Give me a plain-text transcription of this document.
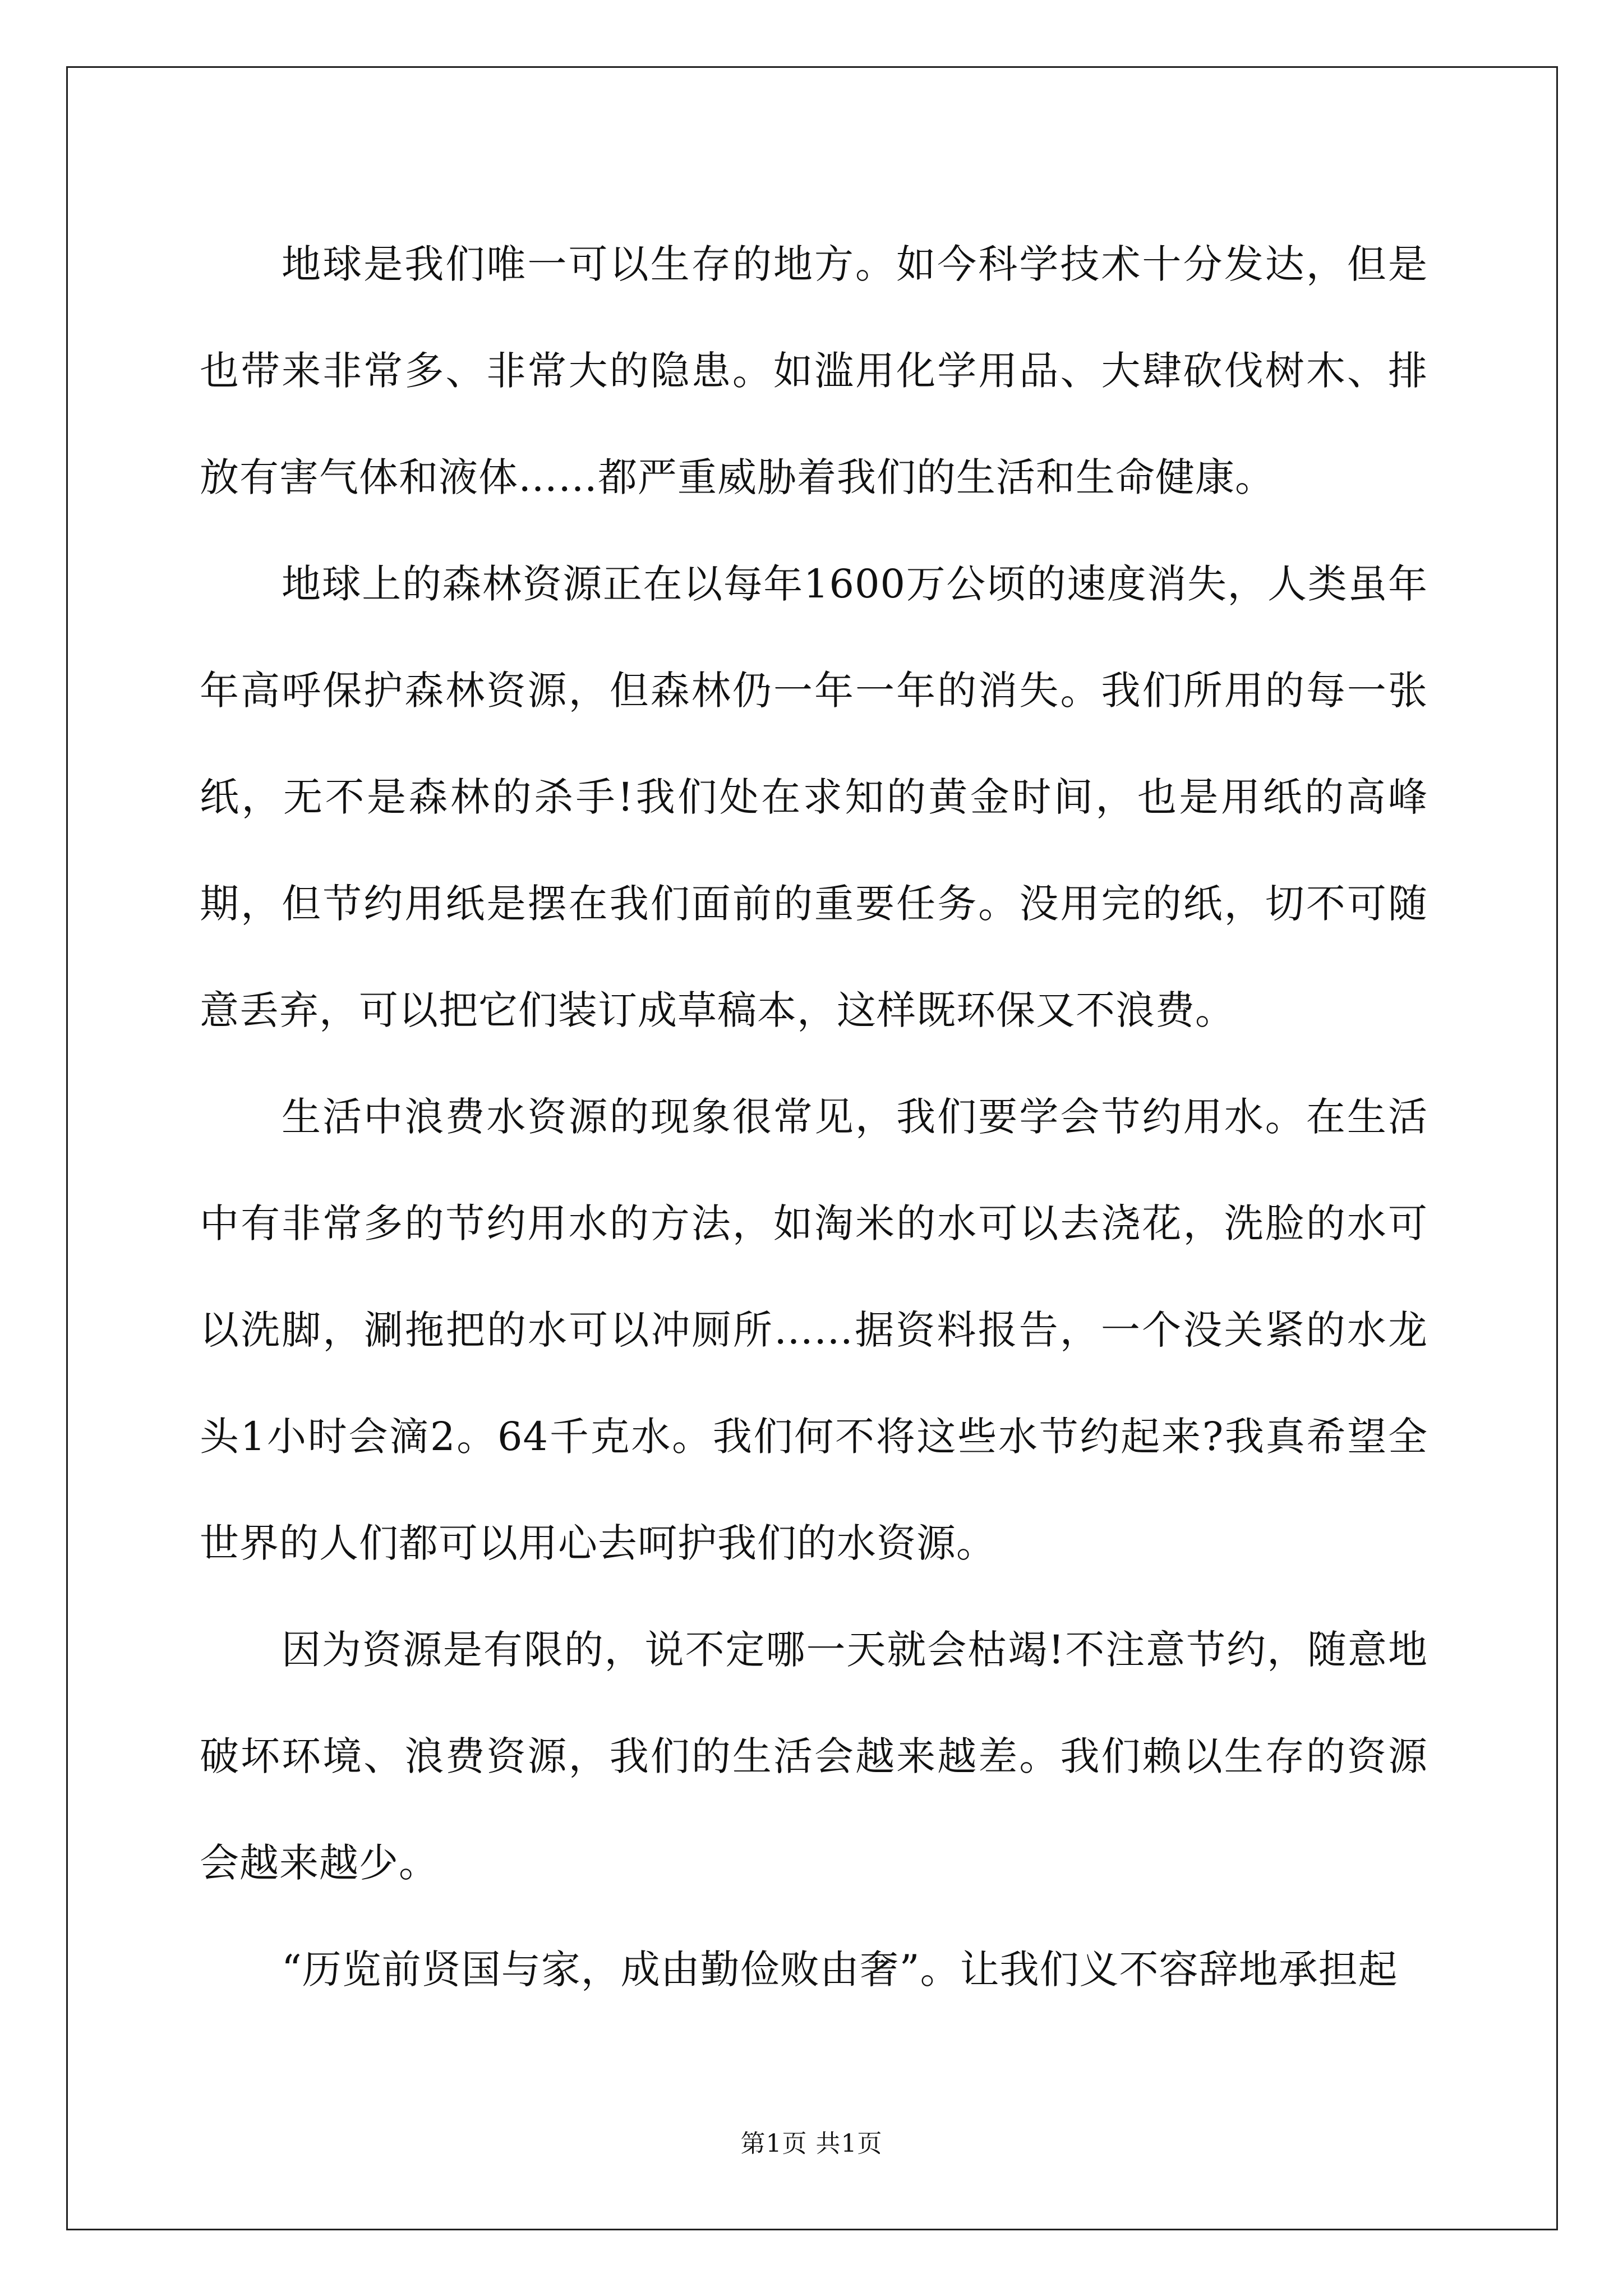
地球是我们唯一可以生存的地方。如今科学技术十分发达，但是也带来非常多、非常大的隐患。如滥用化学用品、大肆砍伐树木、排放有害气体和液体……都严重威胁着我们的生活和生命健康。

地球上的森林资源正在以每年1600万公顷的速度消失，人类虽年年高呼保护森林资源，但森林仍一年一年的消失。我们所用的每一张纸，无不是森林的杀手!我们处在求知的黄金时间，也是用纸的高峰期，但节约用纸是摆在我们面前的重要任务。没用完的纸，切不可随意丢弃，可以把它们装订成草稿本，这样既环保又不浪费。

生活中浪费水资源的现象很常见，我们要学会节约用水。在生活中有非常多的节约用水的方法，如淘米的水可以去浇花，洗脸的水可以洗脚，涮拖把的水可以冲厕所……据资料报告，一个没关紧的水龙头1小时会滴2。64千克水。我们何不将这些水节约起来?我真希望全世界的人们都可以用心去呵护我们的水资源。

因为资源是有限的，说不定哪一天就会枯竭!不注意节约，随意地破坏环境、浪费资源，我们的生活会越来越差。我们赖以生存的资源会越来越少。

“历览前贤国与家，成由勤俭败由奢”。让我们义不容辞地承担起

第1页 共1页
